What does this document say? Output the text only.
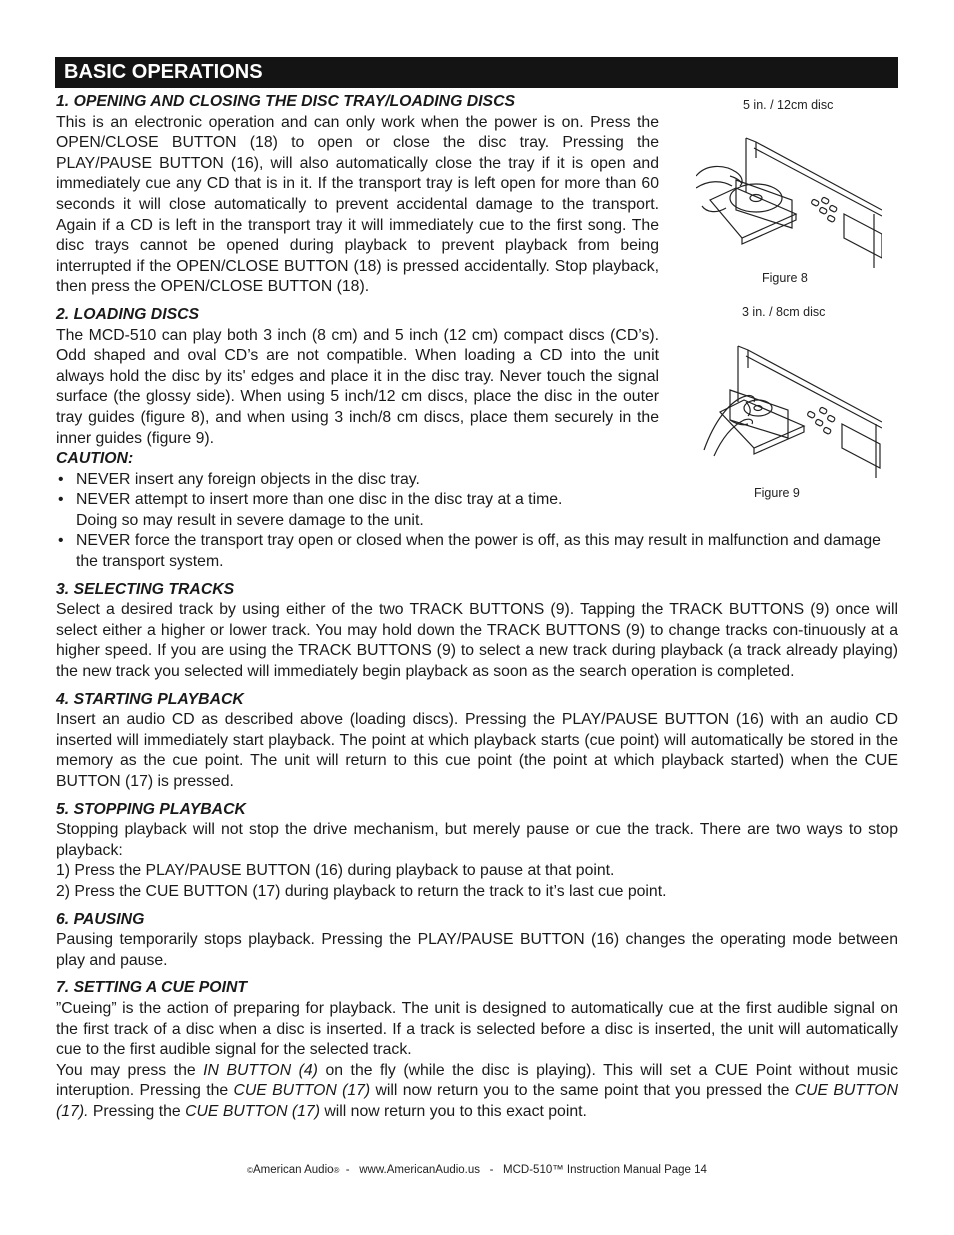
BASIC OPERATIONS
1. OPENING AND CLOSING THE DISC TRAY/LOADING DISCS

This is an electronic operation and can only work when the power is on. Press the OPEN/CLOSE BUTTON (18) to open or close the disc tray. Pressing the PLAY/PAUSE BUTTON (16), will also automatically close the tray if it is open and immediately cue any CD that is in it. If the transport tray is left open for more than 60 seconds it will close automatically to prevent accidental damage to the transport. Again if a CD is left in the transport tray it will immediately cue to the first song. The disc trays cannot be opened during playback to prevent playback from being interrupted if the OPEN/CLOSE BUTTON (18) is pressed accidentally. Stop playback, then press the OPEN/CLOSE BUTTON (18).

2. LOADING DISCS

The MCD-510 can play both 3 inch (8 cm) and 5 inch (12 cm) compact discs (CD’s). Odd shaped and oval CD’s are not compatible. When loading a CD into the unit always hold the disc by its' edges and place it in the disc tray. Never touch the signal surface (the glossy side). When using 5 inch/12 cm discs, place the disc in the outer tray guides (figure 8), and when using 3 inch/8 cm discs, place them securely in the inner guides (figure 9).

CAUTION:
• NEVER insert any foreign objects in the disc tray.
• NEVER attempt to insert more than one disc in the disc tray at a time.
Doing so may result in severe damage to the unit.
• NEVER force the transport tray open or closed when the power is off, as this may result in malfunction and damage the transport system.
3. SELECTING TRACKS

Select a desired track by using either of the two TRACK BUTTONS (9). Tapping the TRACK BUTTONS (9) once will select either a higher or lower track. You may hold down the TRACK BUTTONS (9) to change tracks con-tinuously at a higher speed. If you are using the TRACK BUTTONS (9) to select a new track during playback (a track already playing) the new track you selected will immediately begin playback as soon as the search operation is completed.

4. STARTING PLAYBACK

Insert an audio CD as described above (loading discs). Pressing the PLAY/PAUSE BUTTON (16) with an audio CD inserted will immediately start playback. The point at which playback starts (cue point) will automatically be stored in the memory as the cue point. The unit will return to this cue point (the point at which playback started) when the CUE BUTTON (17) is pressed.

5. STOPPING PLAYBACK

Stopping playback will not stop the drive mechanism, but merely pause or cue the track. There are two ways to stop playback:

1) Press the PLAY/PAUSE BUTTON (16) during playback to pause at that point.

2) Press the CUE BUTTON (17) during playback to return the track to it’s last cue point.

6. PAUSING

Pausing temporarily stops playback. Pressing the PLAY/PAUSE BUTTON (16) changes the operating mode between play and pause.

7. SETTING A CUE POINT

”Cueing” is the action of preparing for playback. The unit is designed to automatically cue at the first audible signal on the first track of a disc when a disc is inserted. If a track is selected before a disc is inserted, the unit will automatically cue to the first audible signal for the selected track.

You may press the IN BUTTON (4) on the fly (while the disc is playing). This will set a CUE Point without music interuption. Pressing the CUE BUTTON (17) will now return you to the same point that you pressed the CUE BUTTON (17). Pressing the CUE BUTTON (17) will now return you to this exact point.

5 in. / 12cm disc
Figure 8
3 in. / 8cm disc
Figure 9
©American Audio®  -   www.AmericanAudio.us   -   MCD-510™ Instruction Manual Page 14
